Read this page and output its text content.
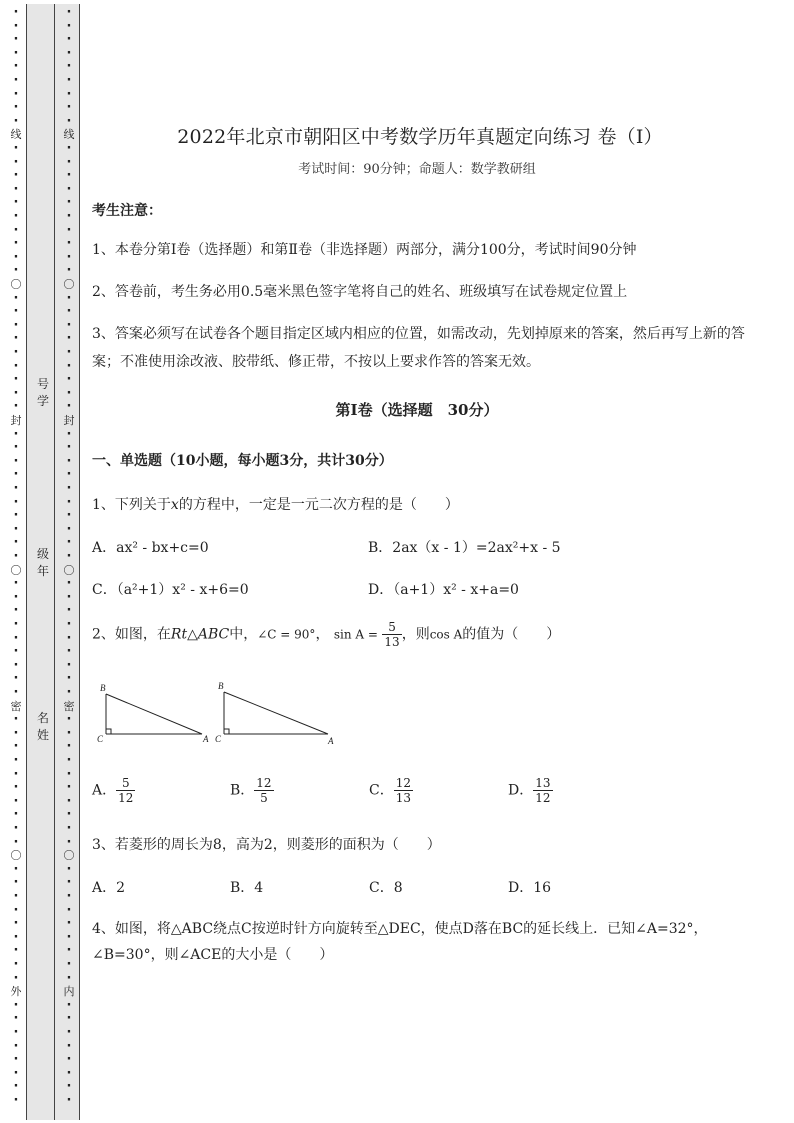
·
·
·
·
·
·
·
·
·
线
·
·
·
·
·
·
·
·
·
·
〇
·
·
·
·
·
·
·
·
·
封
·
·
·
·
·
·
·
·
·
·
〇
·
·
·
·
·
·
·
·
·
密
·
·
·
·
·
·
·
·
·
·
〇
·
·
·
·
·
·
·
·
·
外
·
·
·
·
·
·
·
·
·
·
·
·
·
·
·
·
·
线
·
·
·
·
·
·
·
·
·
·
〇
·
·
·
·
·
·
·
·
·
封
·
·
·
·
·
·
·
·
·
·
〇
·
·
·
·
·
·
·
·
·
密
·
·
·
·
·
·
·
·
·
·
〇
·
·
·
·
·
·
·
·
·
内
·
·
·
·
·
·
·
·
号
学
级
年
名
姓
2022年北京市朝阳区中考数学历年真题定向练习 卷（Ⅰ）
考试时间：90分钟；命题人：数学教研组
考生注意：
1、本卷分第Ⅰ卷（选择题）和第Ⅱ卷（非选择题）两部分，满分100分，考试时间90分钟
2、答卷前，考生务必用0.5毫米黑色签字笔将自己的姓名、班级填写在试卷规定位置上
3、答案必须写在试卷各个题目指定区域内相应的位置，如需改动，先划掉原来的答案，然后再写上新的答案；不准使用涂改液、胶带纸、修正带，不按以上要求作答的答案无效。
第Ⅰ卷（选择题　30分）
一、单选题（10小题，每小题3分，共计30分）
1、下列关于x的方程中，一定是一元二次方程的是（　　）
A．ax² - bx+c=0	B．2ax（x - 1）=2ax²+x - 5
C．（a²+1）x² - x+6=0	D．（a+1）x² - x+a=0
2、如图，在Rt△ABC中，∠C = 90°， $\sin A = \frac{5}{13}$ ，则cos A的值为（　　）
B
C	A
B
C	A
A． $\frac{5}{12}$	B． $\frac{12}{5}$	C． $\frac{12}{13}$	D． $\frac{13}{12}$
3、若菱形的周长为8，高为2，则菱形的面积为（　　）
A．2	B．4	C．8	D．16
4、如图，将△ABC绕点C按逆时针方向旋转至△DEC，使点D落在BC的延长线上．已知∠A=32°，
∠B=30°，则∠ACE的大小是（　　）
